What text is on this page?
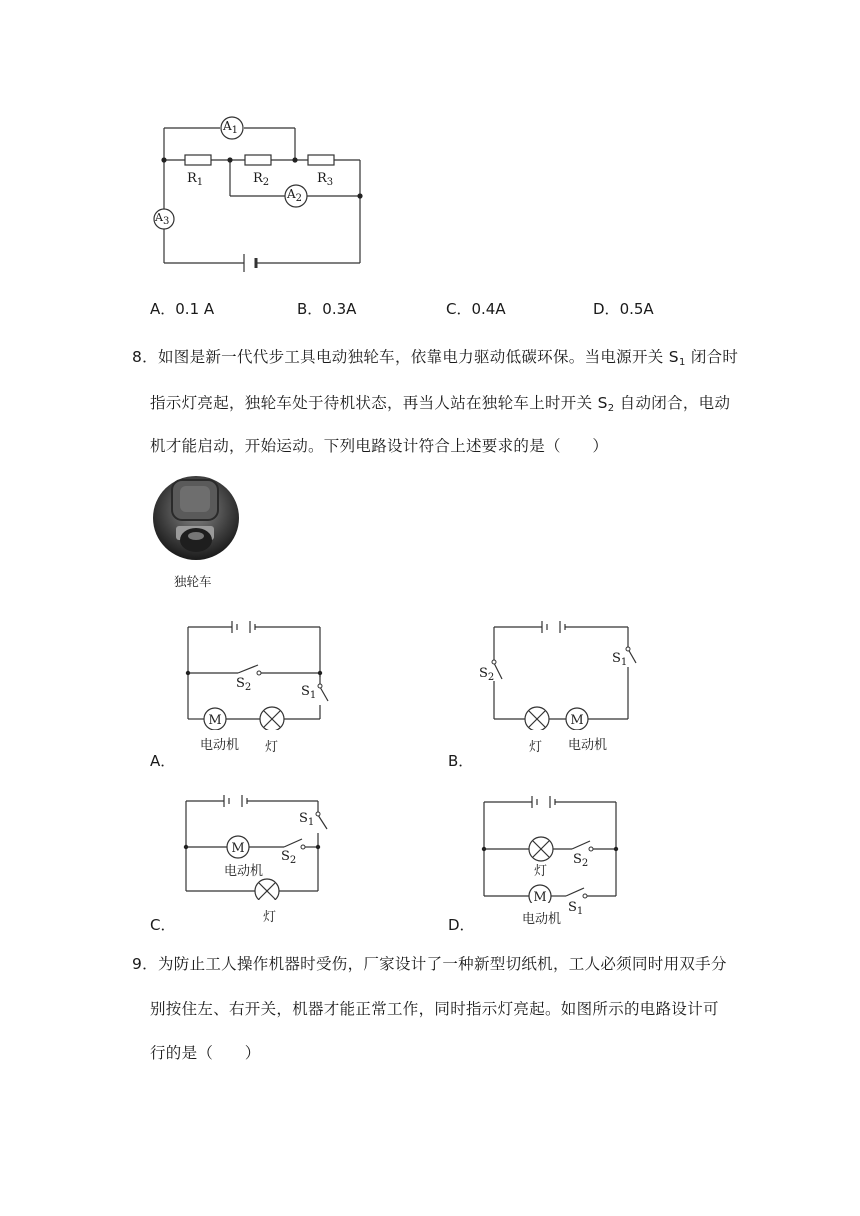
$A_1$
$A_2$
A3
$R_1$	$R_2$	$R_3$
A．0.1 A	B．0.3A	C．0.4A	D．0.5A
8．如图是新一代代步工具电动独轮车，依靠电力驱动低碳环保。当电源开关 $S_1$ 闭合时
指示灯亮起，独轮车处于待机状态，再当人站在独轮车上时开关 $S_2$ 自动闭合，电动
机才能启动，开始运动。下列电路设计符合上述要求的是（　　）
独轮车
M
$S_2$	$S_1$
电动机 灯
A．
M
$S_2$
$S_1$
灯 电动机
B．
M
$S_1$
$S_2$
电动机
灯
C．
M
$S_2$
灯
$S_1$
电动机
D．
9．为防止工人操作机器时受伤，厂家设计了一种新型切纸机，工人必须同时用双手分
别按住左、右开关，机器才能正常工作，同时指示灯亮起。如图所示的电路设计可
行的是（　　）
